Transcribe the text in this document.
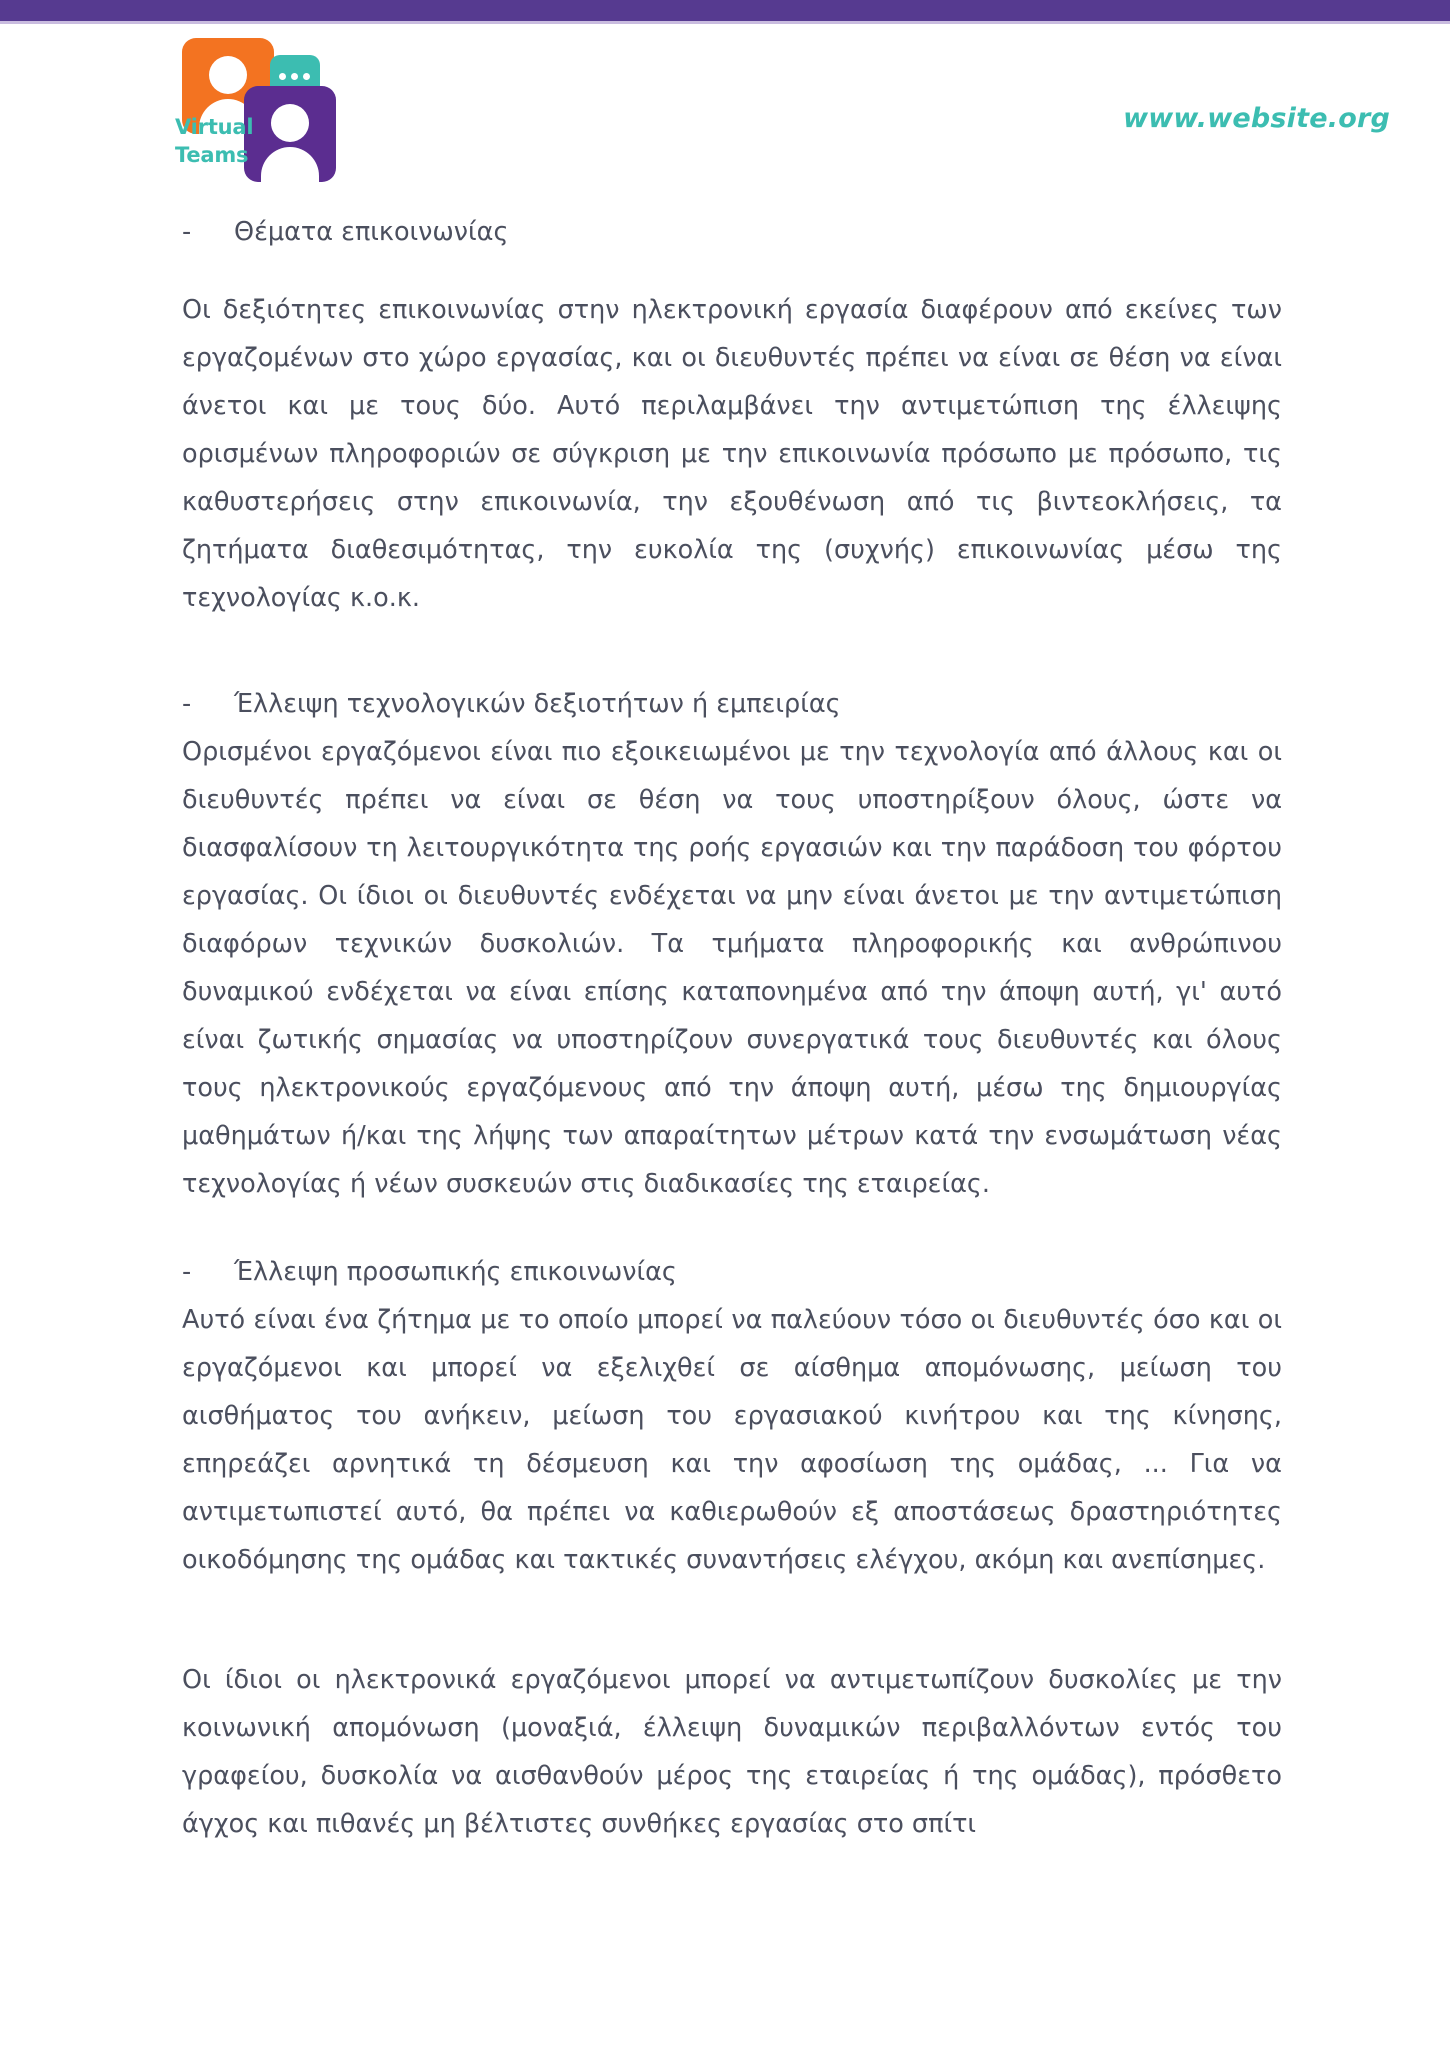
Virtual
Teams
www.website.org
-	Θέματα επικοινωνίας

Οι δεξιότητες επικοινωνίας στην ηλεκτρονική εργασία διαφέρουν από εκείνες των εργαζομένων στο χώρο εργασίας, και οι διευθυντές πρέπει να είναι σε θέση να είναι άνετοι και με τους δύο. Αυτό περιλαμβάνει την αντιμετώπιση της έλλειψης ορισμένων πληροφοριών σε σύγκριση με την επικοινωνία πρόσωπο με πρόσωπο, τις καθυστερήσεις στην επικοινωνία, την εξουθένωση από τις βιντεοκλήσεις, τα ζητήματα διαθεσιμότητας, την ευκολία της (συχνής) επικοινωνίας μέσω της τεχνολογίας κ.ο.κ.

-	Έλλειψη τεχνολογικών δεξιοτήτων ή εμπειρίας

Ορισμένοι εργαζόμενοι είναι πιο εξοικειωμένοι με την τεχνολογία από άλλους και οι διευθυντές πρέπει να είναι σε θέση να τους υποστηρίξουν όλους, ώστε να διασφαλίσουν τη λειτουργικότητα της ροής εργασιών και την παράδοση του φόρτου εργασίας. Οι ίδιοι οι διευθυντές ενδέχεται να μην είναι άνετοι με την αντιμετώπιση διαφόρων τεχνικών δυσκολιών. Τα τμήματα πληροφορικής και ανθρώπινου δυναμικού ενδέχεται να είναι επίσης καταπονημένα από την άποψη αυτή, γι' αυτό είναι ζωτικής σημασίας να υποστηρίζουν συνεργατικά τους διευθυντές και όλους τους ηλεκτρονικούς εργαζόμενους από την άποψη αυτή, μέσω της δημιουργίας μαθημάτων ή/και της λήψης των απαραίτητων μέτρων κατά την ενσωμάτωση νέας τεχνολογίας ή νέων συσκευών στις διαδικασίες της εταιρείας.

-	Έλλειψη προσωπικής επικοινωνίας

Αυτό είναι ένα ζήτημα με το οποίο μπορεί να παλεύουν τόσο οι διευθυντές όσο και οι εργαζόμενοι και μπορεί να εξελιχθεί σε αίσθημα απομόνωσης, μείωση του αισθήματος του ανήκειν, μείωση του εργασιακού κινήτρου και της κίνησης, επηρεάζει αρνητικά τη δέσμευση και την αφοσίωση της ομάδας, ... Για να αντιμετωπιστεί αυτό, θα πρέπει να καθιερωθούν εξ αποστάσεως δραστηριότητες οικοδόμησης της ομάδας και τακτικές συναντήσεις ελέγχου, ακόμη και ανεπίσημες.

Οι ίδιοι οι ηλεκτρονικά εργαζόμενοι μπορεί να αντιμετωπίζουν δυσκολίες με την κοινωνική απομόνωση (μοναξιά, έλλειψη δυναμικών περιβαλλόντων εντός του γραφείου, δυσκολία να αισθανθούν μέρος της εταιρείας ή της ομάδας), πρόσθετο άγχος και πιθανές μη βέλτιστες συνθήκες εργασίας στο σπίτι
